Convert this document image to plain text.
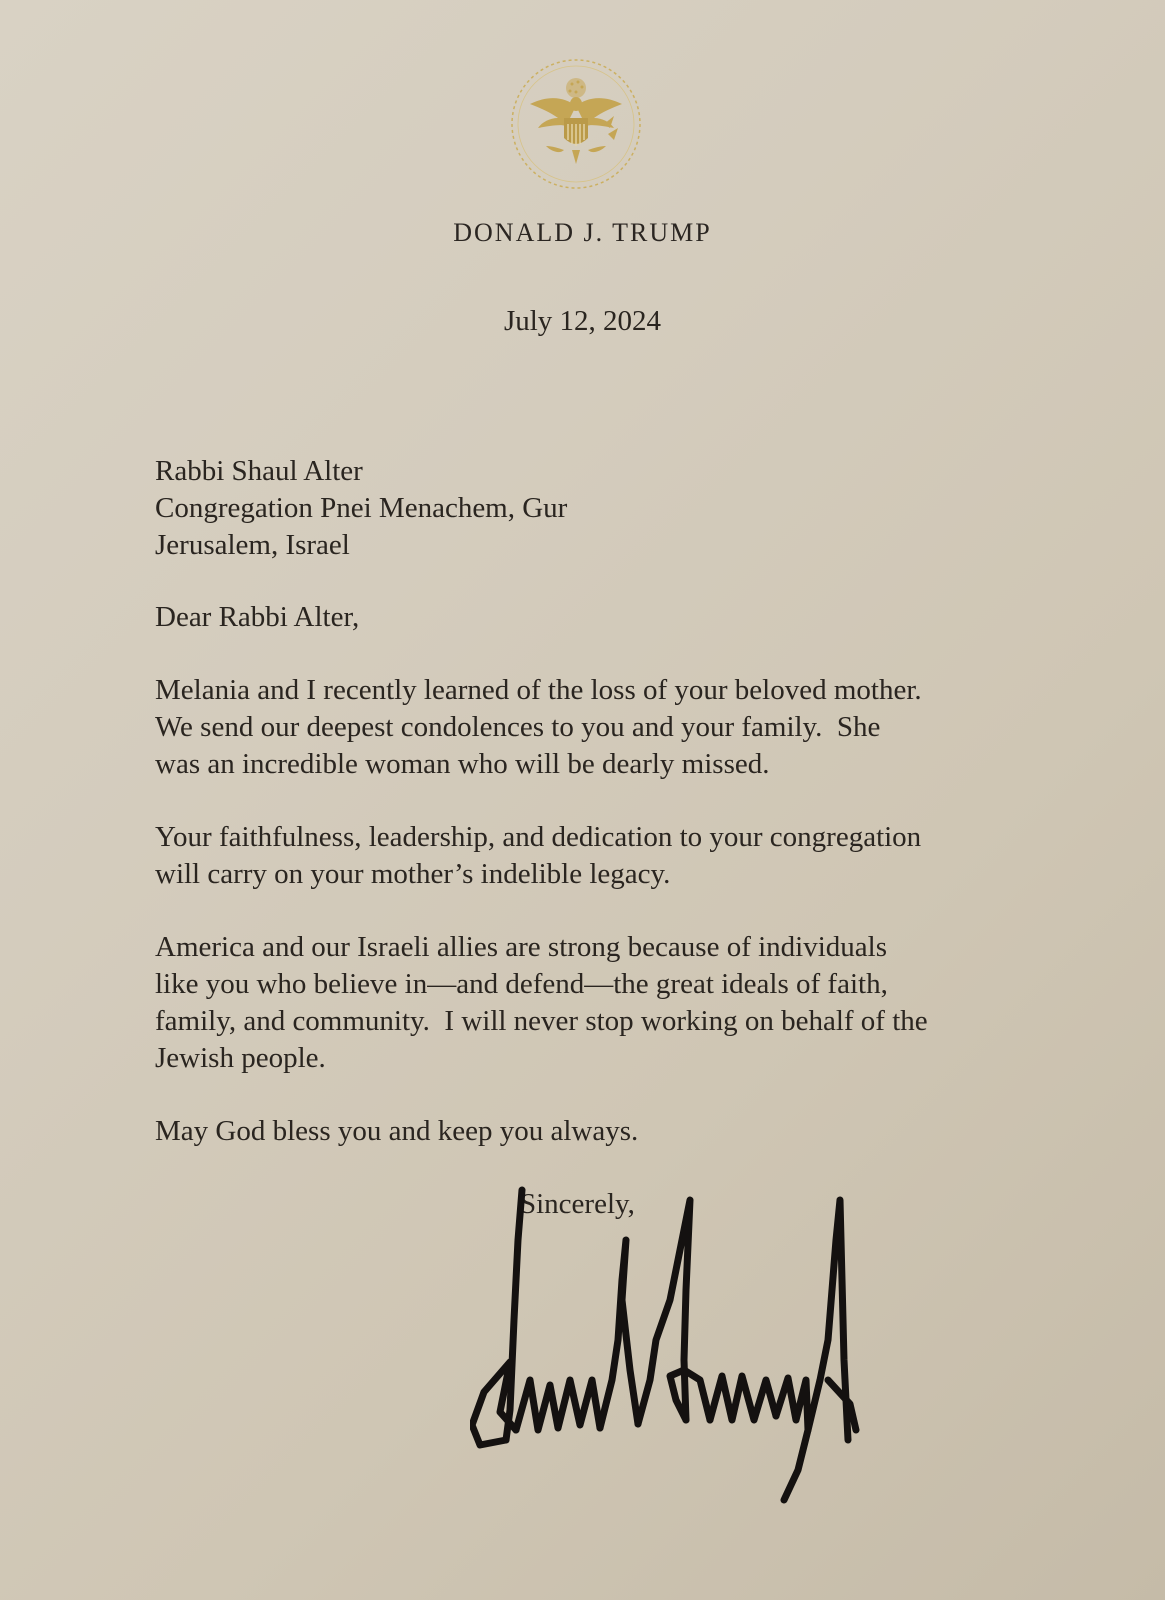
DONALD J. TRUMP
July 12, 2024
Rabbi Shaul Alter
Congregation Pnei Menachem, Gur
Jerusalem, Israel
Dear Rabbi Alter,
Melania and I recently learned of the loss of your beloved mother.
We send our deepest condolences to you and your family.  She
was an incredible woman who will be dearly missed.
Your faithfulness, leadership, and dedication to your congregation
will carry on your mother’s indelible legacy.
America and our Israeli allies are strong because of individuals
like you who believe in—and defend—the great ideals of faith,
family, and community.  I will never stop working on behalf of the
Jewish people.
May God bless you and keep you always.
Sincerely,
